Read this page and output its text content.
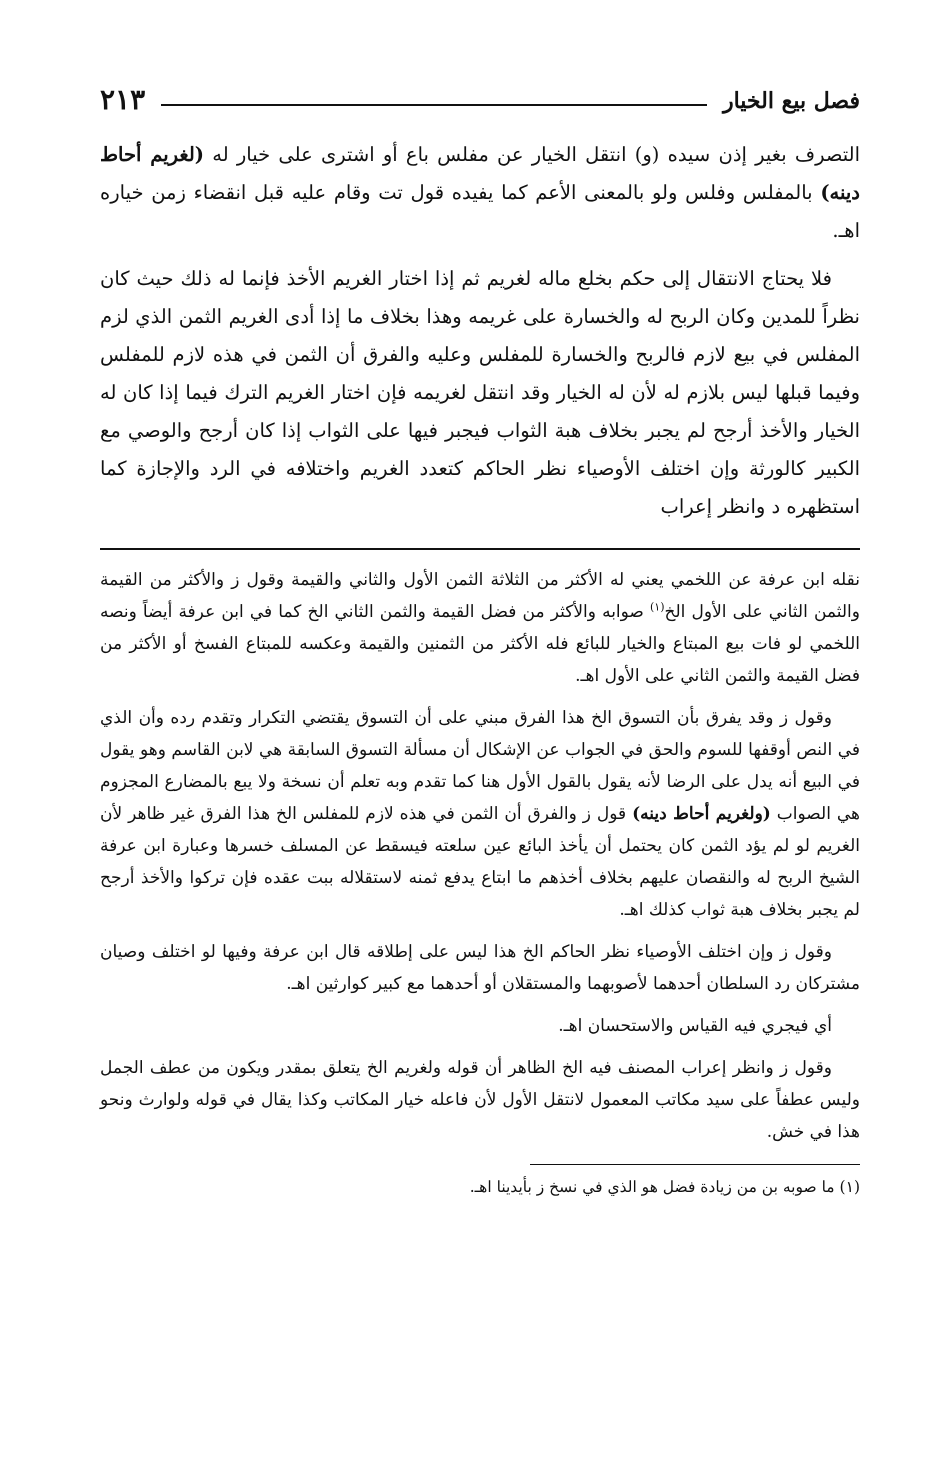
فصل بيع الخيار
٢١٣

التصرف بغير إذن سيده (و) انتقل الخيار عن مفلس باع أو اشترى على خيار له (لغريم أحاط دينه) بالمفلس وفلس ولو بالمعنى الأعم كما يفيده قول تت وقام عليه قبل انقضاء زمن خياره اهـ.

فلا يحتاج الانتقال إلى حكم بخلع ماله لغريم ثم إذا اختار الغريم الأخذ فإنما له ذلك حيث كان نظراً للمدين وكان الربح له والخسارة على غريمه وهذا بخلاف ما إذا أدى الغريم الثمن الذي لزم المفلس في بيع لازم فالربح والخسارة للمفلس وعليه والفرق أن الثمن في هذه لازم للمفلس وفيما قبلها ليس بلازم له لأن له الخيار وقد انتقل لغريمه فإن اختار الغريم الترك فيما إذا كان له الخيار والأخذ أرجح لم يجبر بخلاف هبة الثواب فيجبر فيها على الثواب إذا كان أرجح والوصي مع الكبير كالورثة وإن اختلف الأوصياء نظر الحاكم كتعدد الغريم واختلافه في الرد والإجازة كما استظهره د وانظر إعراب

نقله ابن عرفة عن اللخمي يعني له الأكثر من الثلاثة الثمن الأول والثاني والقيمة وقول ز والأكثر من القيمة والثمن الثاني على الأول الخ$^{(١)}$ صوابه والأكثر من فضل القيمة والثمن الثاني الخ كما في ابن عرفة أيضاً ونصه اللخمي لو فات بيع المبتاع والخيار للبائع فله الأكثر من الثمنين والقيمة وعكسه للمبتاع الفسخ أو الأكثر من فضل القيمة والثمن الثاني على الأول اهـ.

وقول ز وقد يفرق بأن التسوق الخ هذا الفرق مبني على أن التسوق يقتضي التكرار وتقدم رده وأن الذي في النص أوقفها للسوم والحق في الجواب عن الإشكال أن مسألة التسوق السابقة هي لابن القاسم وهو يقول في البيع أنه يدل على الرضا لأنه يقول بالقول الأول هنا كما تقدم وبه تعلم أن نسخة ولا يبع بالمضارع المجزوم هي الصواب (ولغريم أحاط دينه) قول ز والفرق أن الثمن في هذه لازم للمفلس الخ هذا الفرق غير ظاهر لأن الغريم لو لم يؤد الثمن كان يحتمل أن يأخذ البائع عين سلعته فيسقط عن المسلف خسرها وعبارة ابن عرفة الشيخ الربح له والنقصان عليهم بخلاف أخذهم ما ابتاع يدفع ثمنه لاستقلاله ببت عقده فإن تركوا والأخذ أرجح لم يجبر بخلاف هبة ثواب كذلك اهـ.

وقول ز وإن اختلف الأوصياء نظر الحاكم الخ هذا ليس على إطلاقه قال ابن عرفة وفيها لو اختلف وصيان مشتركان رد السلطان أحدهما لأصوبهما والمستقلان أو أحدهما مع كبير كوارثين اهـ.

أي فيجري فيه القياس والاستحسان اهـ.

وقول ز وانظر إعراب المصنف فيه الخ الظاهر أن قوله ولغريم الخ يتعلق بمقدر ويكون من عطف الجمل وليس عطفاً على سيد مكاتب المعمول لانتقل الأول لأن فاعله خيار المكاتب وكذا يقال في قوله ولوارث ونحو هذا في خش.

(١) ما صوبه بن من زيادة فضل هو الذي في نسخ ز بأيدينا اهـ.
